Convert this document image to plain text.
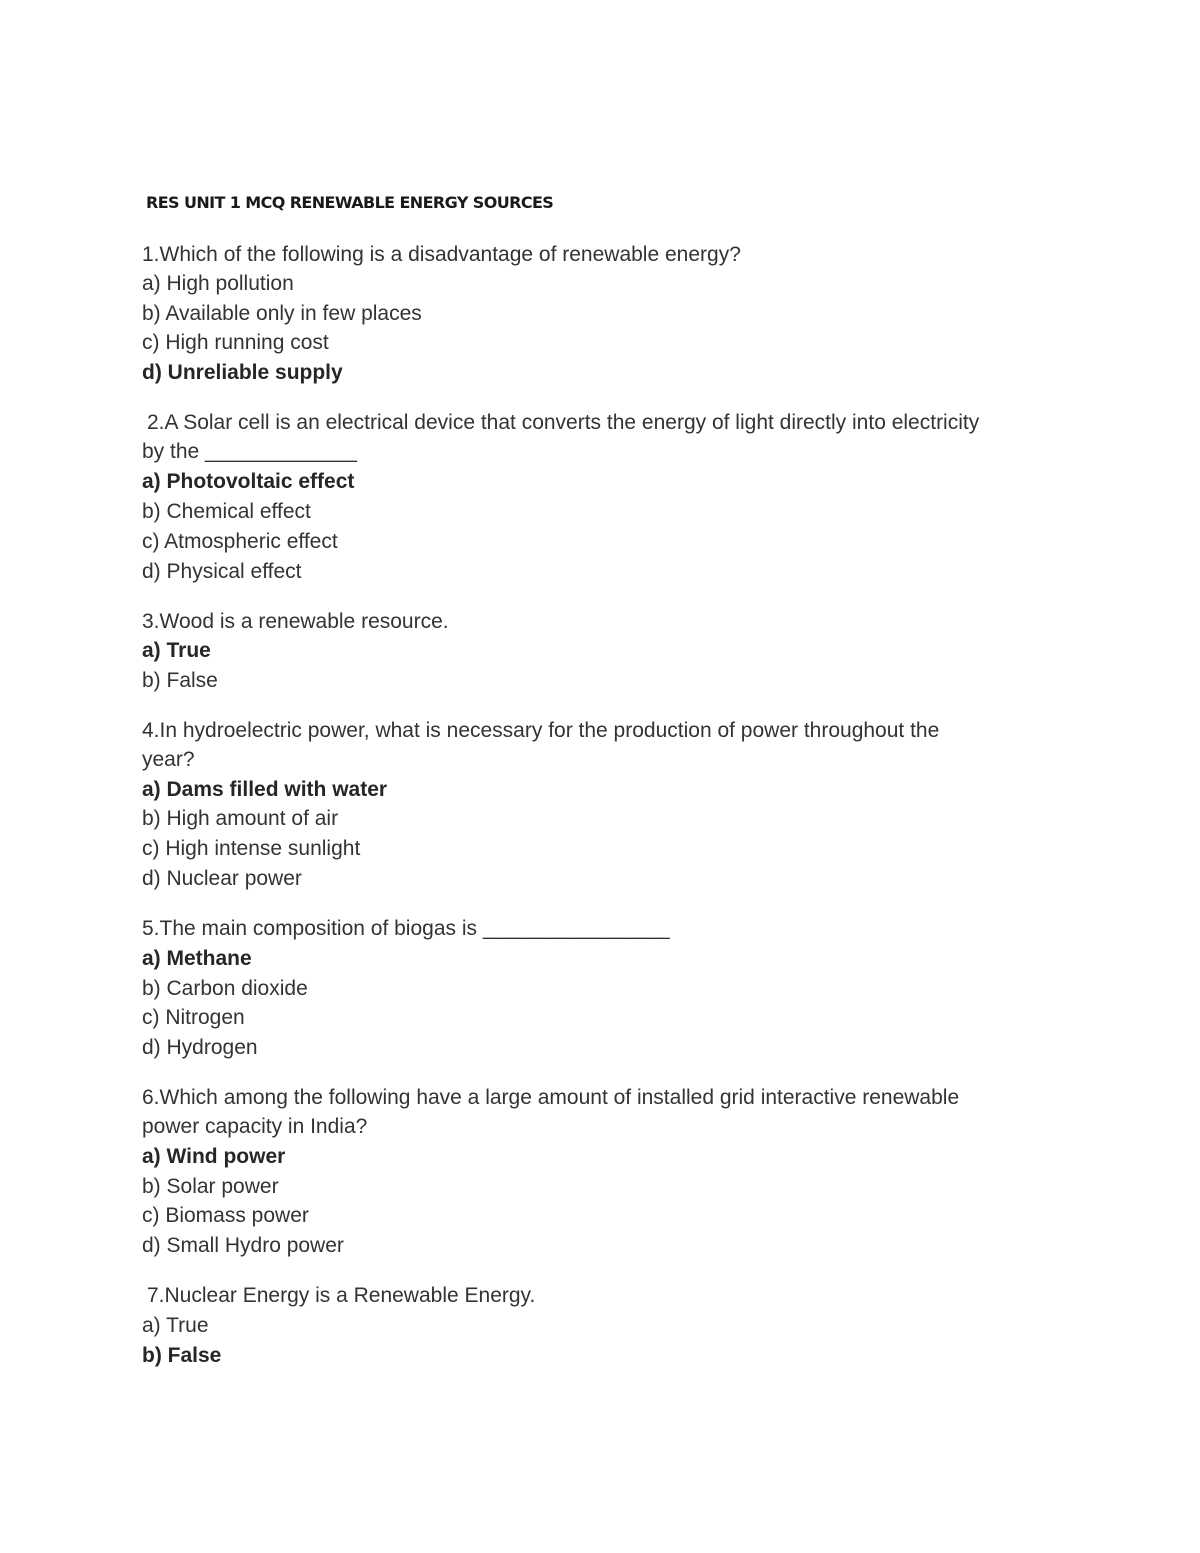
RES UNIT 1 MCQ RENEWABLE ENERGY SOURCES
1.Which of the following is a disadvantage of renewable energy?
a) High pollution
b) Available only in few places
c) High running cost
d) Unreliable supply
2.A Solar cell is an electrical device that converts the energy of light directly into electricity
by the _____________
a) Photovoltaic effect
b) Chemical effect
c) Atmospheric effect
d) Physical effect
3.Wood is a renewable resource.
a) True
b) False
4.In hydroelectric power, what is necessary for the production of power throughout the
year?
a) Dams filled with water
b) High amount of air
c) High intense sunlight
d) Nuclear power
5.The main composition of biogas is ________________
a) Methane
b) Carbon dioxide
c) Nitrogen
d) Hydrogen
6.Which among the following have a large amount of installed grid interactive renewable
power capacity in India?
a) Wind power
b) Solar power
c) Biomass power
d) Small Hydro power
7.Nuclear Energy is a Renewable Energy.
a) True
b) False
